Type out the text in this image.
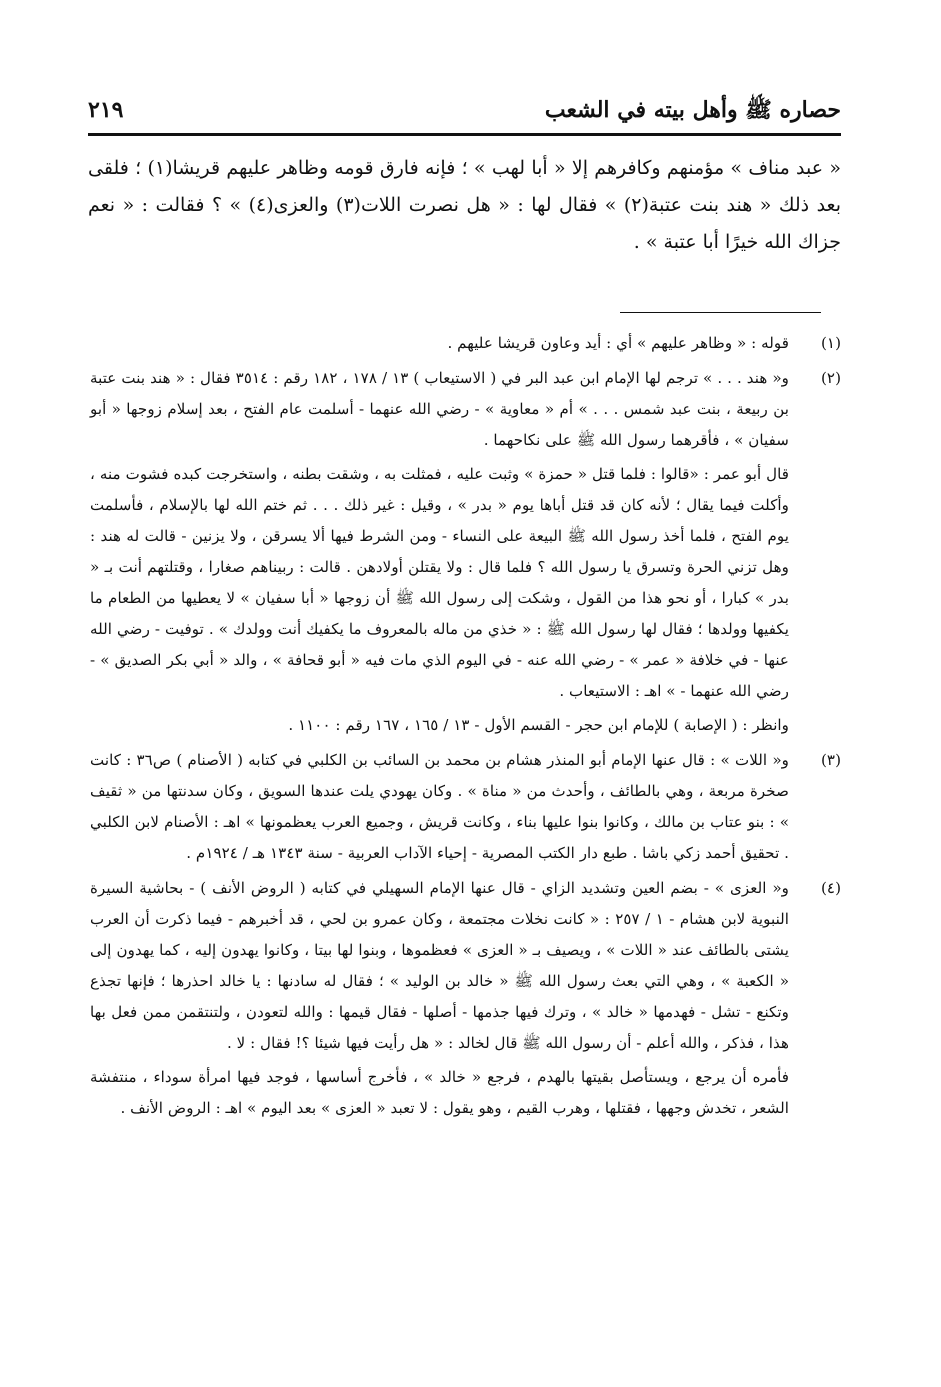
حصاره ﷺ وأهل بيته في الشعب
٢١٩

« عبد مناف » مؤمنهم وكافرهم إلا « أبا لهب » ؛ فإنه فارق قومه وظاهر عليهم قريشا(١) ؛ فلقى بعد ذلك « هند بنت عتبة(٢) » فقال لها : « هل نصرت اللات(٣) والعزى(٤) » ؟ فقالت : « نعم جزاك الله خيرًا أبا عتبة » .

(١)

قوله : « وظاهر عليهم » أي : أيد وعاون قريشا عليهم .

(٢)

و« هند . . . » ترجم لها الإمام ابن عبد البر في ( الاستيعاب ) ١٣ / ١٧٨ ، ١٨٢ رقم : ٣٥١٤ فقال : « هند بنت عتبة بن ربيعة ، بنت عبد شمس . . . » أم « معاوية » - رضي الله عنهما - أسلمت عام الفتح ، بعد إسلام زوجها « أبو سفيان » ، فأقرهما رسول الله ﷺ على نكاحهما .

قال أبو عمر : «قالوا : فلما قتل « حمزة » وثبت عليه ، فمثلت به ، وشقت بطنه ، واستخرجت كبده فشوت منه ، وأكلت فيما يقال ؛ لأنه كان قد قتل أباها يوم « بدر » ، وقيل : غير ذلك . . . ثم ختم الله لها بالإسلام ، فأسلمت يوم الفتح ، فلما أخذ رسول الله ﷺ البيعة على النساء - ومن الشرط فيها ألا يسرقن ، ولا يزنين - قالت له هند : وهل تزني الحرة وتسرق يا رسول الله ؟ فلما قال : ولا يقتلن أولادهن . قالت : ربيناهم صغارا ، وقتلتهم أنت بـ « بدر » كبارا ، أو نحو هذا من القول ، وشكت إلى رسول الله ﷺ أن زوجها « أبا سفيان » لا يعطيها من الطعام ما يكفيها وولدها ؛ فقال لها رسول الله ﷺ : « خذي من ماله بالمعروف ما يكفيك أنت وولدك » . توفيت - رضي الله عنها - في خلافة « عمر » - رضي الله عنه - في اليوم الذي مات فيه « أبو قحافة » ، والد « أبي بكر الصديق » - رضي الله عنهما - » اهـ : الاستيعاب .

وانظر : ( الإصابة ) للإمام ابن حجر - القسم الأول - ١٣ / ١٦٥ ، ١٦٧ رقم : ١١٠٠ .

(٣)

و« اللات » : قال عنها الإمام أبو المنذر هشام بن محمد بن السائب بن الكلبي في كتابه ( الأصنام ) ص٣٦ : كانت صخرة مربعة ، وهي بالطائف ، وأحدث من « مناة » . وكان يهودي يلت عندها السويق ، وكان سدنتها من « ثقيف » : بنو عتاب بن مالك ، وكانوا بنوا عليها بناء ، وكانت قريش ، وجميع العرب يعظمونها » اهـ : الأصنام لابن الكلبي . تحقيق أحمد زكي باشا . طبع دار الكتب المصرية - إحياء الآداب العربية - سنة ١٣٤٣ هـ / ١٩٢٤م .

(٤)

و« العزى » - بضم العين وتشديد الزاي - قال عنها الإمام السهيلي في كتابه ( الروض الأنف ) - بحاشية السيرة النبوية لابن هشام - ١ / ٢٥٧ : « كانت نخلات مجتمعة ، وكان عمرو بن لحي ، قد أخبرهم - فيما ذكرت أن العرب يشتى بالطائف عند « اللات » ، ويصيف بـ « العزى » فعظموها ، وبنوا لها بيتا ، وكانوا يهدون إليه ، كما يهدون إلى « الكعبة » ، وهي التي بعث رسول الله ﷺ « خالد بن الوليد » ؛ فقال له سادنها : يا خالد احذرها ؛ فإنها تجذع وتكنع - تشل - فهدمها « خالد » ، وترك فيها جذمها - أصلها - فقال قيمها : والله لتعودن ، ولتنتقمن ممن فعل بها هذا ، فذكر ، والله أعلم - أن رسول الله ﷺ قال لخالد : « هل رأيت فيها شيئا ؟! فقال : لا .

فأمره أن يرجع ، ويستأصل بقيتها بالهدم ، فرجع « خالد » ، فأخرج أساسها ، فوجد فيها امرأة سوداء ، منتفشة الشعر ، تخدش وجهها ، فقتلها ، وهرب القيم ، وهو يقول : لا تعبد « العزى » بعد اليوم » اهـ : الروض الأنف .
